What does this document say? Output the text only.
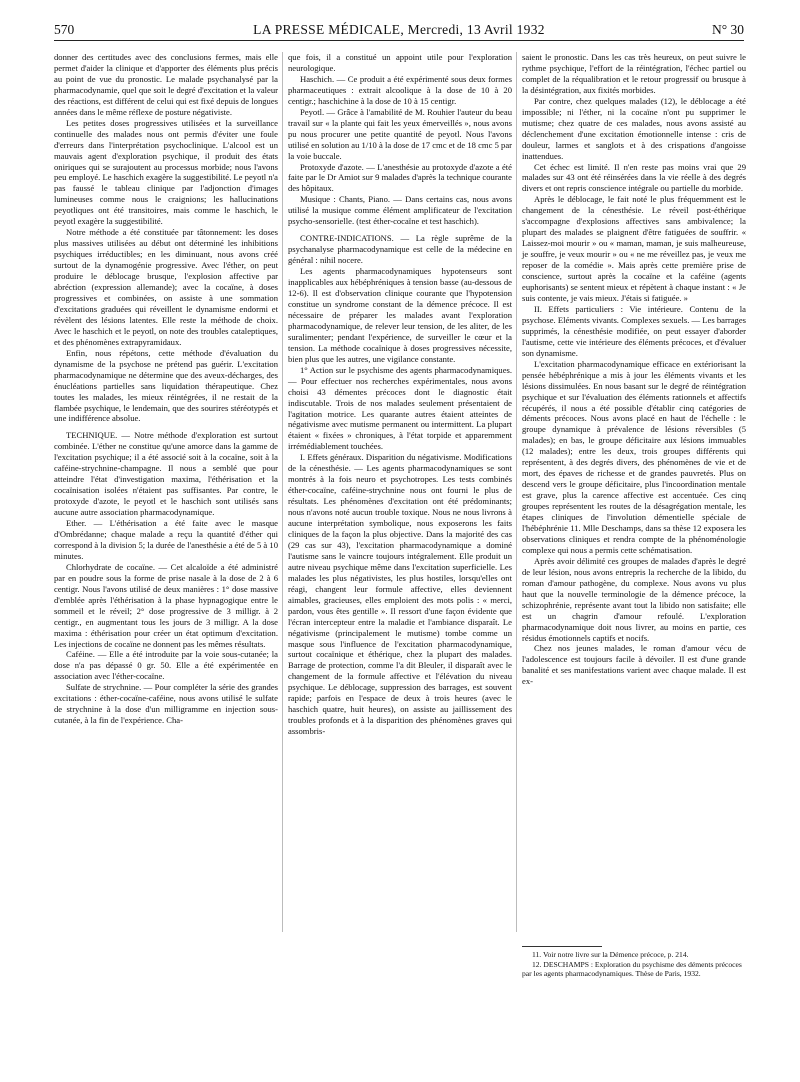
570	LA PRESSE MÉDICALE, Mercredi, 13 Avril 1932	N° 30

donner des certitudes avec des conclusions fermes, mais elle permet d'aider la clinique et d'apporter des éléments plus précis au point de vue du pronostic. Le malade psychanalysé par la pharmacodynamie, quel que soit le degré d'excitation et la valeur des réactions, est différent de celui qui est fixé depuis de longues années dans le même réflexe de posture négativiste.

Les petites doses progressives utilisées et la surveillance continuelle des malades nous ont permis d'éviter une foule d'erreurs dans l'interprétation psychoclinique. L'alcool est un mauvais agent d'exploration psychique, il produit des états oniriques qui se surajoutent au processus morbide; nous l'avons peu employé. Le haschich exagère la suggestibilité. Le peyotl n'a pas faussé le tableau clinique par l'adjonction d'images lumineuses comme nous le craignions; les hallucinations peyotliques ont été transitoires, mais comme le haschich, le peyotl exagère la suggestibilité.

Notre méthode a été constituée par tâtonnement: les doses plus massives utilisées au début ont déterminé les inhibitions psychiques irréductibles; en les diminuant, nous avons créé surtout de la dynamogénie progressive. Avec l'éther, on peut produire le déblocage brusque, l'explosion affective par abréction (expression allemande); avec la cocaïne, à doses progressives et combinées, on assiste à une sommation d'excitations graduées qui réveillent le dynamisme endormi et révèlent des lésions latentes. Elle reste la méthode de choix. Avec le haschich et le peyotl, on note des troubles cataleptiques, et des phénomènes extrapyramidaux.

Enfin, nous répétons, cette méthode d'évaluation du dynamisme de la psychose ne prétend pas guérir. L'excitation pharmacodynamique ne détermine que des aveux-décharges, des énucléations partielles sans liquidation thérapeutique. Chez toutes les malades, les mieux réintégrées, il ne restait de la flambée psychique, le lendemain, que des sourires stéréotypés et une indifférence absolue.

TECHNIQUE. — Notre méthode d'exploration est surtout combinée. L'éther ne constitue qu'une amorce dans la gamme de l'excitation psychique; il a été associé soit à la cocaïne, soit à la caféine-strychnine-champagne. Il nous a semblé que pour atteindre l'état d'investigation maxima, l'éthérisation et la cocaïnisation isolées n'étaient pas suffisantes. Par contre, le protoxyde d'azote, le peyotl et le haschich sont utilisés sans aucune autre association pharmacodynamique.

Ether. — L'éthérisation a été faite avec le masque d'Ombrédanne; chaque malade a reçu la quantité d'éther qui correspond à la division 5; la durée de l'anesthésie a été de 5 à 10 minutes.

Chlorhydrate de cocaïne. — Cet alcaloïde a été administré par en poudre sous la forme de prise nasale à la dose de 2 à 6 centigr. Nous l'avons utilisé de deux manières : 1° dose massive d'emblée après l'éthérisation à la phase hypnagogique entre le sommeil et le réveil; 2° dose progressive de 3 milligr. à 2 centigr., en augmentant tous les jours de 3 milligr. A la dose maxima : éthérisation pour créer un état optimum d'excitation. Les injections de cocaïne ne donnent pas les mêmes résultats.

Caféine. — Elle a été introduite par la voie sous-cutanée; la dose n'a pas dépassé 0 gr. 50. Elle a été expérimentée en association avec l'éther-cocaïne.

Sulfate de strychnine. — Pour compléter la série des grandes excitations : éther-cocaïne-caféine, nous avons utilisé le sulfate de strychnine à la dose d'un milligramme en injection sous-cutanée, à la fin de l'expérience. Cha-

que fois, il a constitué un appoint utile pour l'exploration neurologique.

Haschich. — Ce produit a été expérimenté sous deux formes pharmaceutiques : extrait alcoolique à la dose de 10 à 20 centigr.; haschichine à la dose de 10 à 15 centigr.

Peyotl. — Grâce à l'amabilité de M. Rouhier l'auteur du beau travail sur « la plante qui fait les yeux émerveillés », nous avons pu nous procurer une petite quantité de peyotl. Nous l'avons utilisé en solution au 1/10 à la dose de 17 cmc et de 18 cmc 5 par la voie buccale.

Protoxyde d'azote. — L'anesthésie au protoxyde d'azote a été faite par le Dr Amiot sur 9 malades d'après la technique courante des hôpitaux.

Musique : Chants, Piano. — Dans certains cas, nous avons utilisé la musique comme élément amplificateur de l'excitation psycho-sensorielle. (test éther-cocaïne et test haschich).

CONTRE-INDICATIONS. — La règle suprême de la psychanalyse pharmacodynamique est celle de la médecine en général : nihil nocere.

Les agents pharmacodynamiques hypotenseurs sont inapplicables aux hébéphréniques à tension basse (au-dessous de 12-6). Il est d'observation clinique courante que l'hypotension constitue un syndrome constant de la démence précoce. Il est nécessaire de préparer les malades avant l'exploration pharmacodynamique, de relever leur tension, de les aliter, de les suralimenter; pendant l'expérience, de surveiller le cœur et la tension. La méthode cocaïnique à doses progressives nécessite, bien plus que les autres, une vigilance constante.

1° Action sur le psychisme des agents pharmacodynamiques. — Pour effectuer nos recherches expérimentales, nous avons choisi 43 démentes précoces dont le diagnostic était indiscutable. Trois de nos malades seulement présentaient de l'agitation motrice. Les quarante autres étaient atteintes de négativisme avec mutisme permanent ou intermittent. La plupart étaient « fixées » chroniques, à l'état torpide et apparemment irrémédiablement touchées.

I. Effets généraux. Disparition du négativisme. Modifications de la cénesthésie. — Les agents pharmacodynamiques se sont montrés à la fois neuro et psychotropes. Les tests combinés éther-cocaïne, caféine-strychnine nous ont fourni le plus de résultats. Les phénomènes d'excitation ont été prédominants; nous n'avons noté aucun trouble toxique. Nous ne nous livrons à aucune interprétation symbolique, nous exposerons les faits cliniques de la façon la plus objective. Dans la majorité des cas (29 cas sur 43), l'excitation pharmacodynamique a dominé l'autisme sans le vaincre toujours intégralement. Elle produit un autre niveau psychique même dans l'excitation superficielle. Les malades les plus négativistes, les plus hostiles, lorsqu'elles ont réagi, changent leur formule affective, elles deviennent aimables, gracieuses, elles emploient des mots polis : « merci, pardon, vous êtes gentille ». Il ressort d'une façon évidente que l'écran intercepteur entre la maladie et l'ambiance disparaît. Le négativisme (principalement le mutisme) tombe comme un masque sous l'influence de l'excitation pharmacodynamique, surtout cocaïnique et éthérique, chez la plupart des malades. Barrage de protection, comme l'a dit Bleuler, il disparaît avec le changement de la formule affective et l'élévation du niveau psychique. Le déblocage, suppression des barrages, est souvent rapide; parfois en l'espace de deux à trois heures (avec le haschich quatre, huit heures), on assiste au jaillissement des troubles profonds et à la disparition des phénomènes graves qui assombris-

saient le pronostic. Dans les cas très heureux, on peut suivre le rythme psychique, l'effort de la réintégration, l'échec partiel ou complet de la réqualibration et le retour progressif ou brusque à la désintégration, aux fixités morbides.

Par contre, chez quelques malades (12), le déblocage a été impossible; ni l'éther, ni la cocaïne n'ont pu supprimer le mutisme; chez quatre de ces malades, nous avons assisté au déclenchement d'une excitation émotionnelle intense : cris de douleur, larmes et sanglots et à des crispations d'angoisse inattendues.

Cet échec est limité. Il n'en reste pas moins vrai que 29 malades sur 43 ont été réinsérées dans la vie réelle à des degrés divers et ont repris conscience intégrale ou partielle du morbide.

Après le déblocage, le fait noté le plus fréquemment est le changement de la cénesthésie. Le réveil post-éthérique s'accompagne d'explosions affectives sans ambivalence; la plupart des malades se plaignent d'être fatiguées de souffrir. « Laissez-moi mourir » ou « maman, maman, je suis malheureuse, je souffre, je veux mourir » ou « ne me réveillez pas, je veux me reposer de la comédie ». Mais après cette première prise de conscience, surtout après la cocaïne et la caféine (agents euphorisants) se sentent mieux et répètent à chaque instant : « Je suis contente, je vais mieux. J'étais si fatiguée. »

II. Effets particuliers : Vie intérieure. Contenu de la psychose. Eléments vivants. Complexes sexuels. — Les barrages supprimés, la cénesthésie modifiée, on peut essayer d'aborder l'autisme, cette vie intérieure des éléments précoces, et d'évaluer son dynamisme.

L'excitation pharmacodynamique efficace en extériorisant la pensée hébéphrénique a mis à jour les éléments vivants et les lésions dissimulées. En nous basant sur le degré de réintégration psychique et sur l'évaluation des éléments rationnels et affectifs récupérés, il nous a été possible d'établir cinq catégories de déments précoces. Nous avons placé en haut de l'échelle : le groupe dynamique à prévalence de lésions réversibles (5 malades); en bas, le groupe déficitaire aux lésions immuables (12 malades); entre les deux, trois groupes différents qui représentent, à des degrés divers, des phénomènes de vie et de mort, des épaves de richesse et de grandes pauvretés. Plus on descend vers le groupe déficitaire, plus l'incoordination mentale est grave, plus la carence affective est accentuée. Ces cinq groupes représentent les routes de la désagrégation mentale, les étapes cliniques de l'involution démentielle spéciale de l'hébéphrénie 11. Mlle Deschamps, dans sa thèse 12 exposera les observations cliniques et rendra compte de la phénoménologie complexe qui nous a permis cette schématisation.

Après avoir délimité ces groupes de malades d'après le degré de leur lésion, nous avons entrepris la recherche de la libido, du roman d'amour pathogène, du complexe. Nous avons vu plus haut que la nouvelle terminologie de la démence précoce, la schizophrénie, représente avant tout la libido non satisfaite; elle est un chagrin d'amour refoulé. L'exploration pharmacodynamique doit nous livrer, au moins en partie, ces résidus émotionnels captifs et nocifs.

Chez nos jeunes malades, le roman d'amour vécu de l'adolescence est toujours facile à dévoiler. Il est d'une grande banalité et ses manifestations varient avec chaque malade. Il est ex-

11. Voir notre livre sur la Démence précoce, p. 214.

12. DESCHAMPS : Exploration du psychisme des déments précoces par les agents pharmacodynamiques. Thèse de Paris, 1932.
